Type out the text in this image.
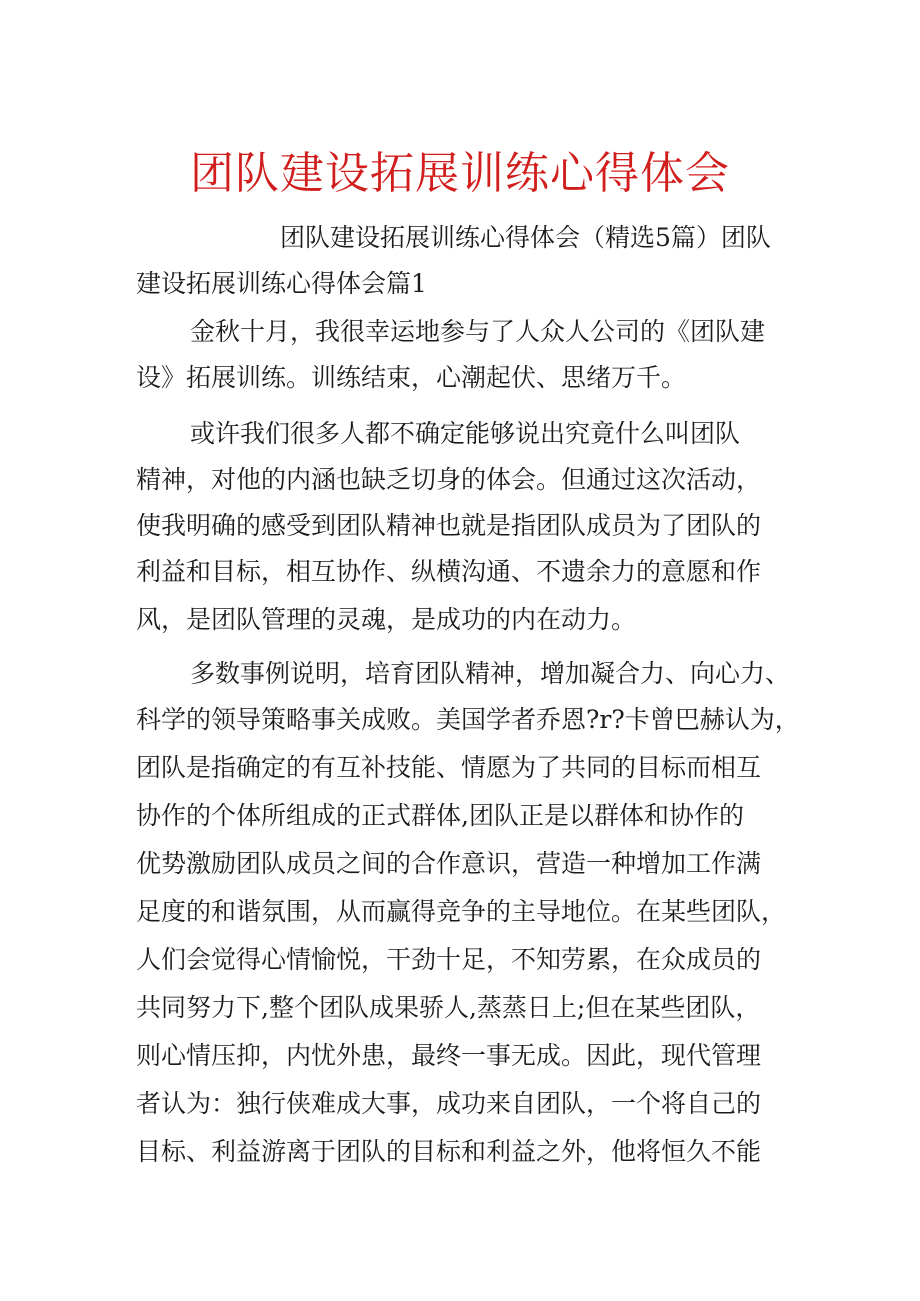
团队建设拓展训练心得体会
团队建设拓展训练心得体会（精选5篇）团队
建设拓展训练心得体会篇1
金秋十月，我很幸运地参与了人众人公司的《团队建
设》拓展训练。训练结束，心潮起伏、思绪万千。
或许我们很多人都不确定能够说出究竟什么叫团队
精神，对他的内涵也缺乏切身的体会。但通过这次活动，
使我明确的感受到团队精神也就是指团队成员为了团队的
利益和目标，相互协作、纵横沟通、不遗余力的意愿和作
风，是团队管理的灵魂，是成功的内在动力。
多数事例说明，培育团队精神，增加凝合力、向心力、
科学的领导策略事关成败。美国学者乔恩?r?卡曾巴赫认为，
团队是指确定的有互补技能、情愿为了共同的目标而相互
协作的个体所组成的正式群体,团队正是以群体和协作的
优势激励团队成员之间的合作意识，营造一种增加工作满
足度的和谐氛围，从而赢得竞争的主导地位。在某些团队，
人们会觉得心情愉悦，干劲十足，不知劳累，在众成员的
共同努力下,整个团队成果骄人,蒸蒸日上;但在某些团队，
则心情压抑，内忧外患，最终一事无成。因此，现代管理
者认为：独行侠难成大事，成功来自团队，一个将自己的
目标、利益游离于团队的目标和利益之外，他将恒久不能
